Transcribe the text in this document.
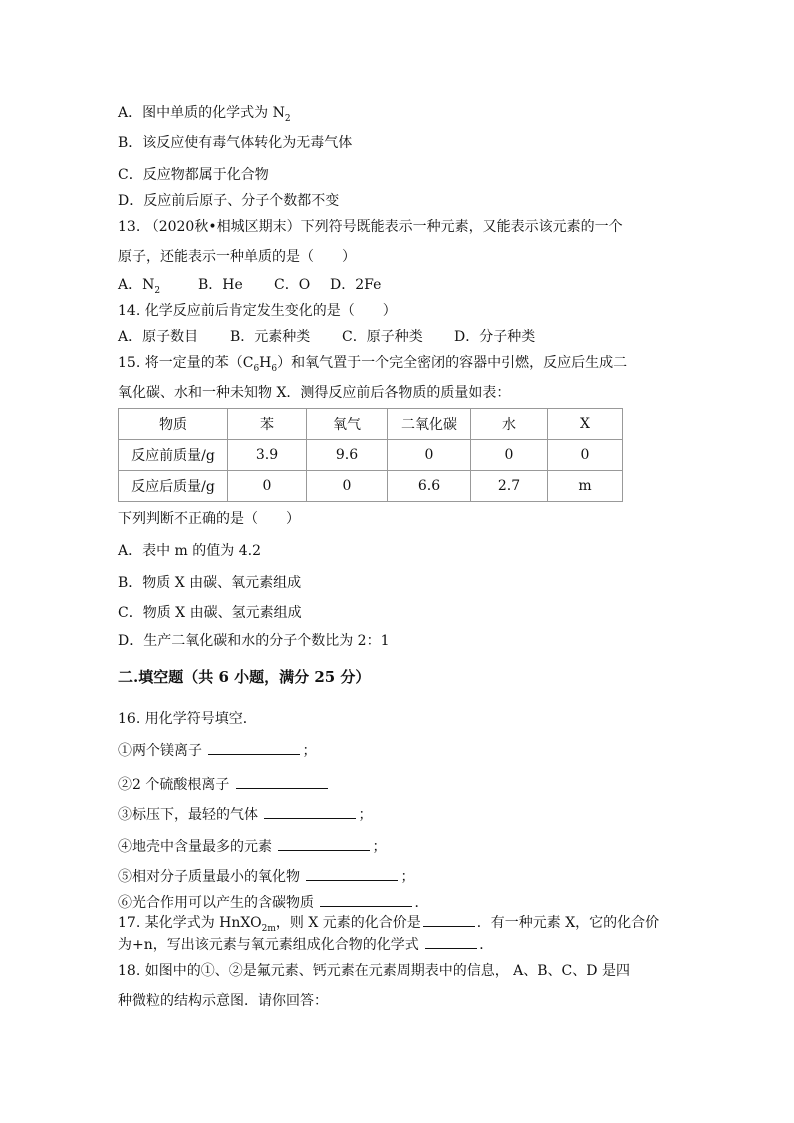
A．图中单质的化学式为 $N_2$
B．该反应使有毒气体转化为无毒气体
C．反应物都属于化合物
D．反应前后原子、分子个数都不变
13. （2020秋•相城区期末）下列符号既能表示一种元素，又能表示该元素的一个
原子，还能表示一种单质的是（　　）
A．$N_2$	B．He C．O D．2Fe
14. 化学反应前后肯定发生变化的是（　　）
A．原子数目 B．元素种类 C．原子种类 D．分子种类
15. 将一定量的苯$(C_6H_6)$和氧气置于一个完全密闭的容器中引燃，反应后生成二
氧化碳、水和一种未知物 X．测得反应前后各物质的质量如表：
物质	苯	氧气	二氧化碳	水	X
反应前质量/g	3.9	9.6	0	0	0
反应后质量/g	0	0	6.6	2.7	m
下列判断不正确的是（　　）
A．表中 m 的值为 4.2
B．物质 X 由碳、氧元素组成
C．物质 X 由碳、氢元素组成
D．生产二氧化碳和水的分子个数比为 2：1
二.填空题（共 6 小题，满分 25 分）
16. 用化学符号填空．
①两个镁离子	；
②2 个硫酸根离子
③标压下，最轻的气体	；
④地壳中含量最多的元素	；
⑤相对分子质量最小的氧化物	；
⑥光合作用可以产生的含碳物质	．
17. 某化学式为 HnXO$_{2m}$，则 X 元素的化合价是	．有一种元素 X，它的化合价
为+n，写出该元素与氧元素组成化合物的化学式	．
18. 如图中的①、②是氟元素、钙元素在元素周期表中的信息， A、B、C、D 是四
种微粒的结构示意图．请你回答：
